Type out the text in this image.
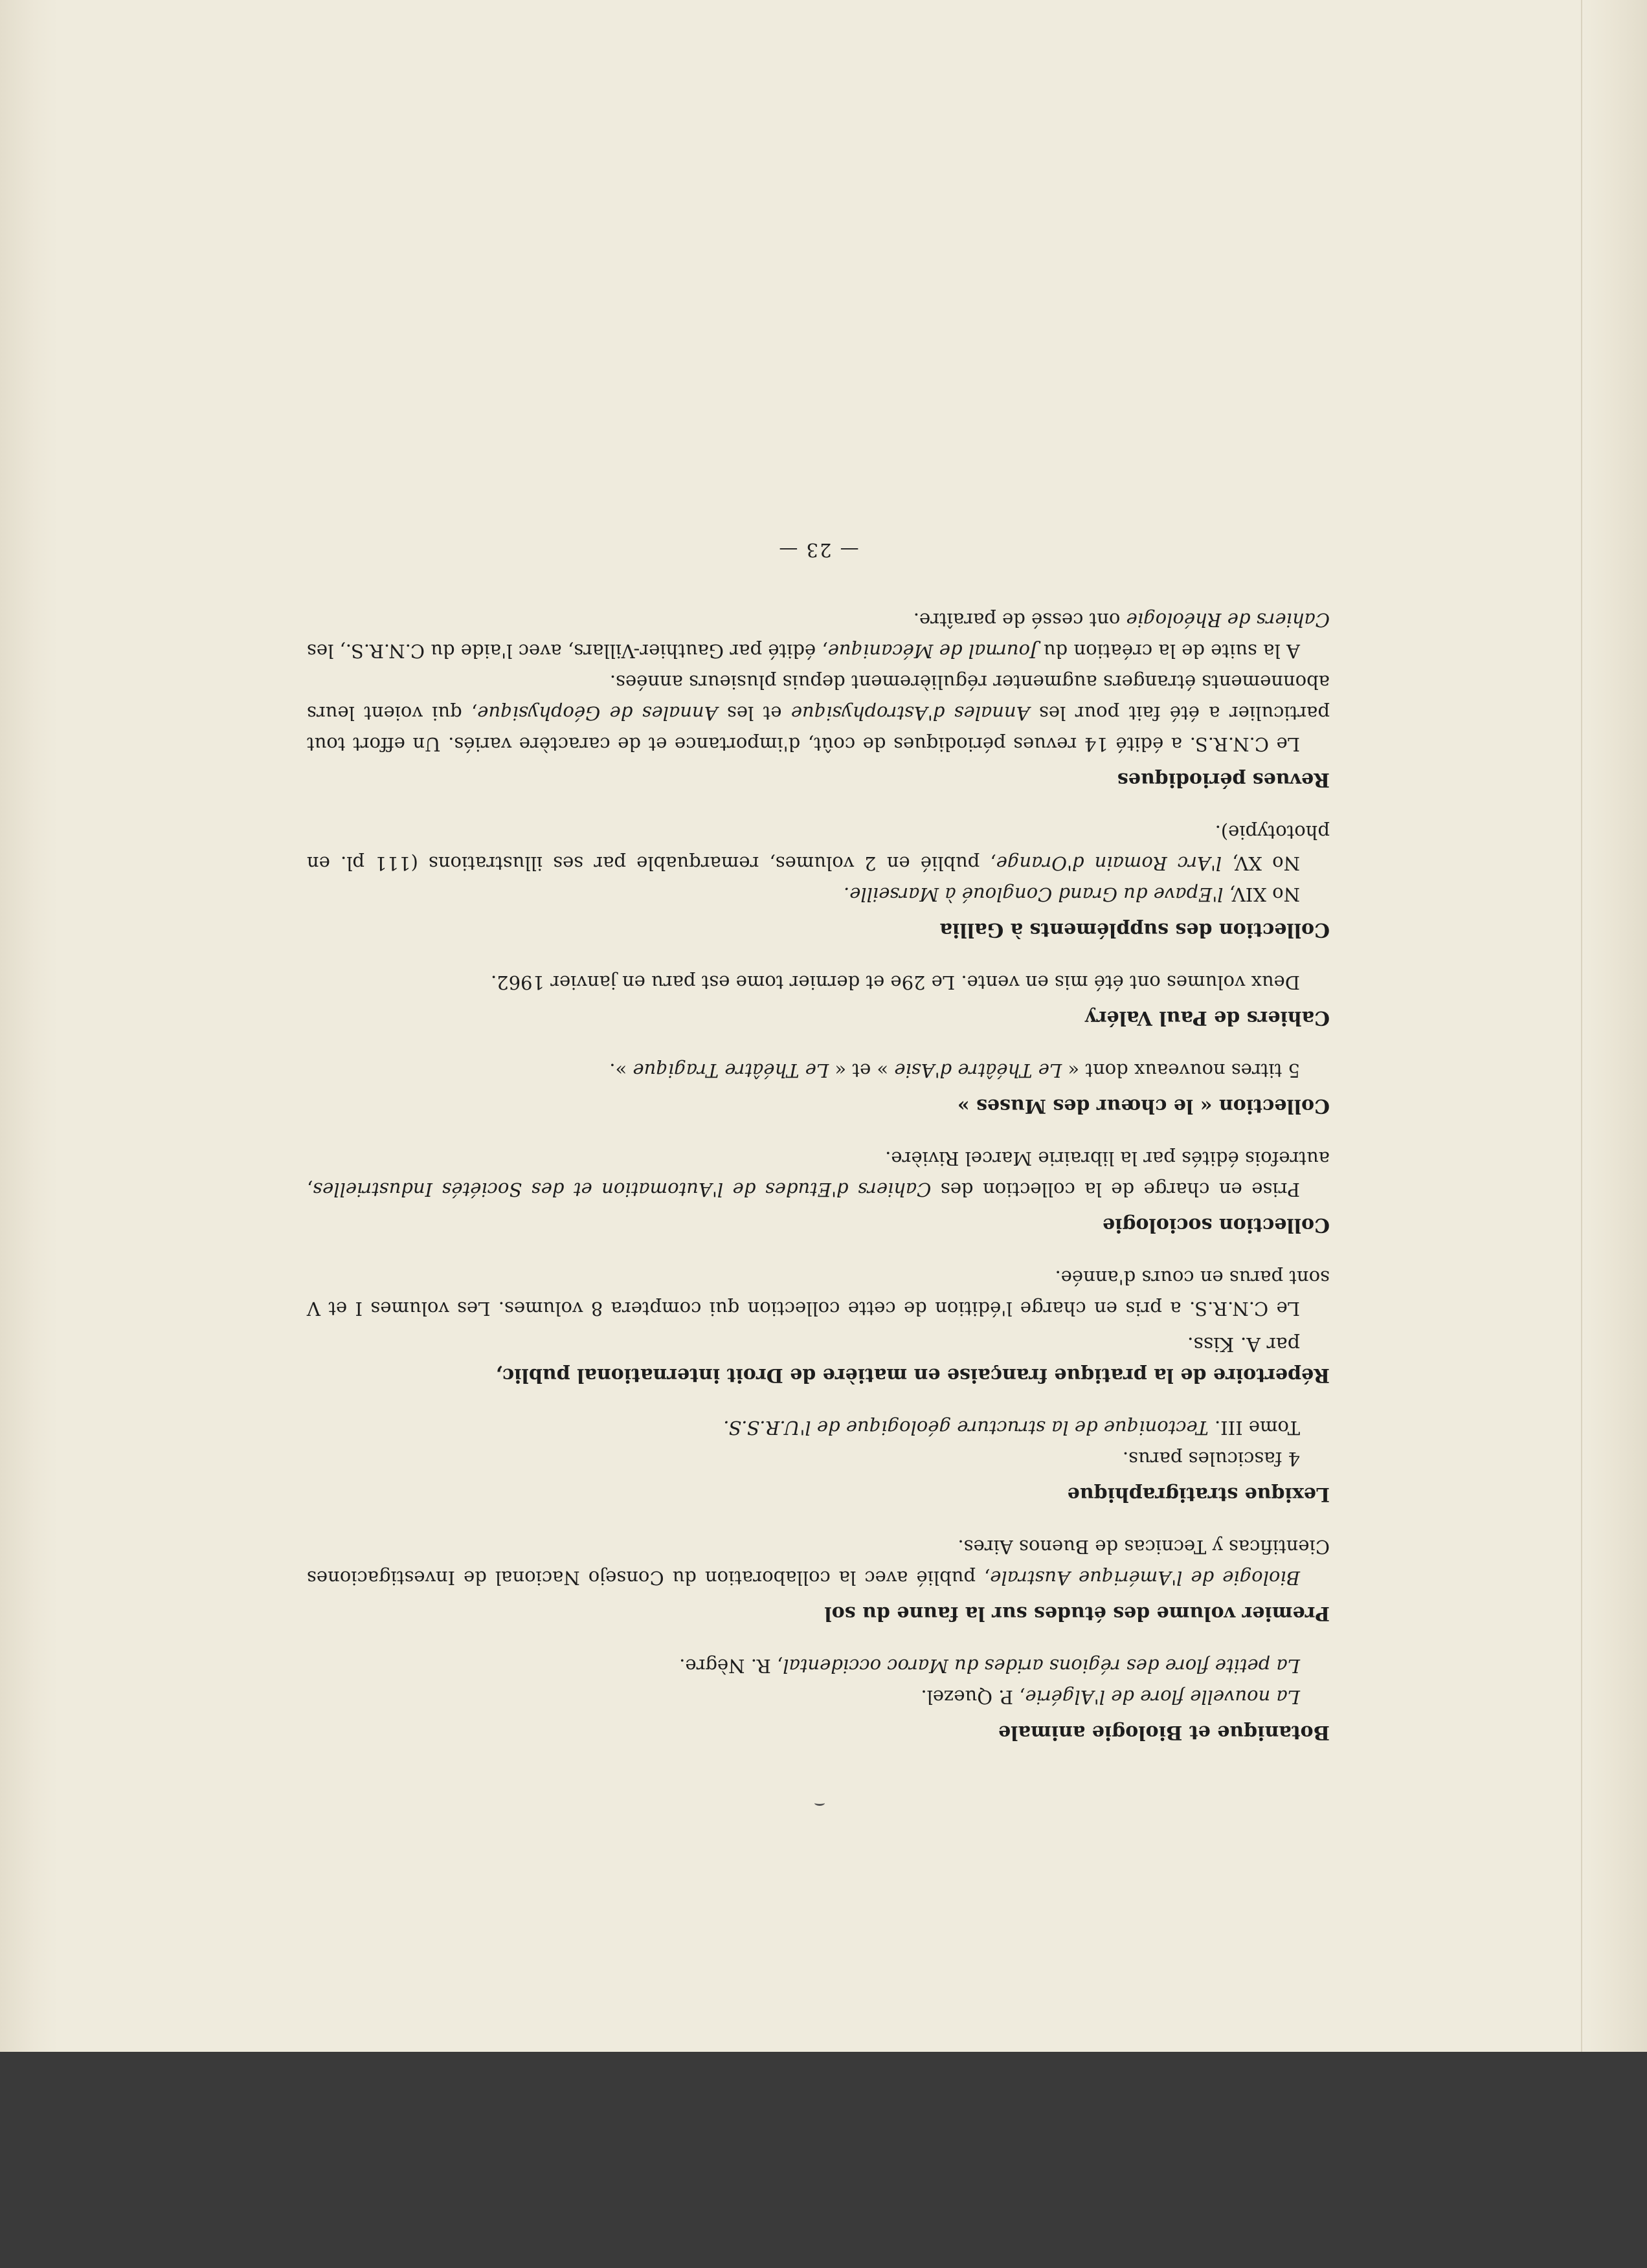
Botanique et Biologie animale

La nouvelle flore de l'Algérie, P. Quezel.

La petite flore des régions arides du Maroc occidental, R. Nègre.

Premier volume des études sur la faune du sol

Biologie de l'Amérique Australe, publié avec la collaboration du Consejo Nacional de Investigaciones Cientificas y Tecnicas de Buenos Aires.

Lexique stratigraphique

4 fascicules parus.

Tome III. Tectonique de la structure géologique de l'U.R.S.S.

Répertoire de la pratique française en matière de Droit international public,
par A. Kiss.

Le C.N.R.S. a pris en charge l'édition de cette collection qui comptera 8 volumes. Les volumes I et V sont parus en cours d'année.

Collection sociologie

Prise en charge de la collection des Cahiers d'Etudes de l'Automation et des Sociétés Industrielles, autrefois édités par la librairie Marcel Rivière.

Collection « le chœur des Muses »

5 titres nouveaux dont « Le Théâtre d'Asie » et « Le Théâtre Tragique ».

Cahiers de Paul Valéry

Deux volumes ont été mis en vente. Le 29e et dernier tome est paru en janvier 1962.

Collection des suppléments à Gallia

No XIV, l'Epave du Grand Congloué à Marseille.

No XV, l'Arc Romain d'Orange, publié en 2 volumes, remarquable par ses illustrations (111 pl. en phototypie).

Revues périodiques

Le C.N.R.S. a édité 14 revues périodiques de coût, d'importance et de caractère variés. Un effort tout particulier a été fait pour les Annales d'Astrophysique et les Annales de Géophysique, qui voient leurs abonnements étrangers augmenter régulièrement depuis plusieurs années.

A la suite de la création du Journal de Mécanique, édité par Gauthier-Villars, avec l'aide du C.N.R.S., les Cahiers de Rhéologie ont cessé de paraître.

— 23 —
